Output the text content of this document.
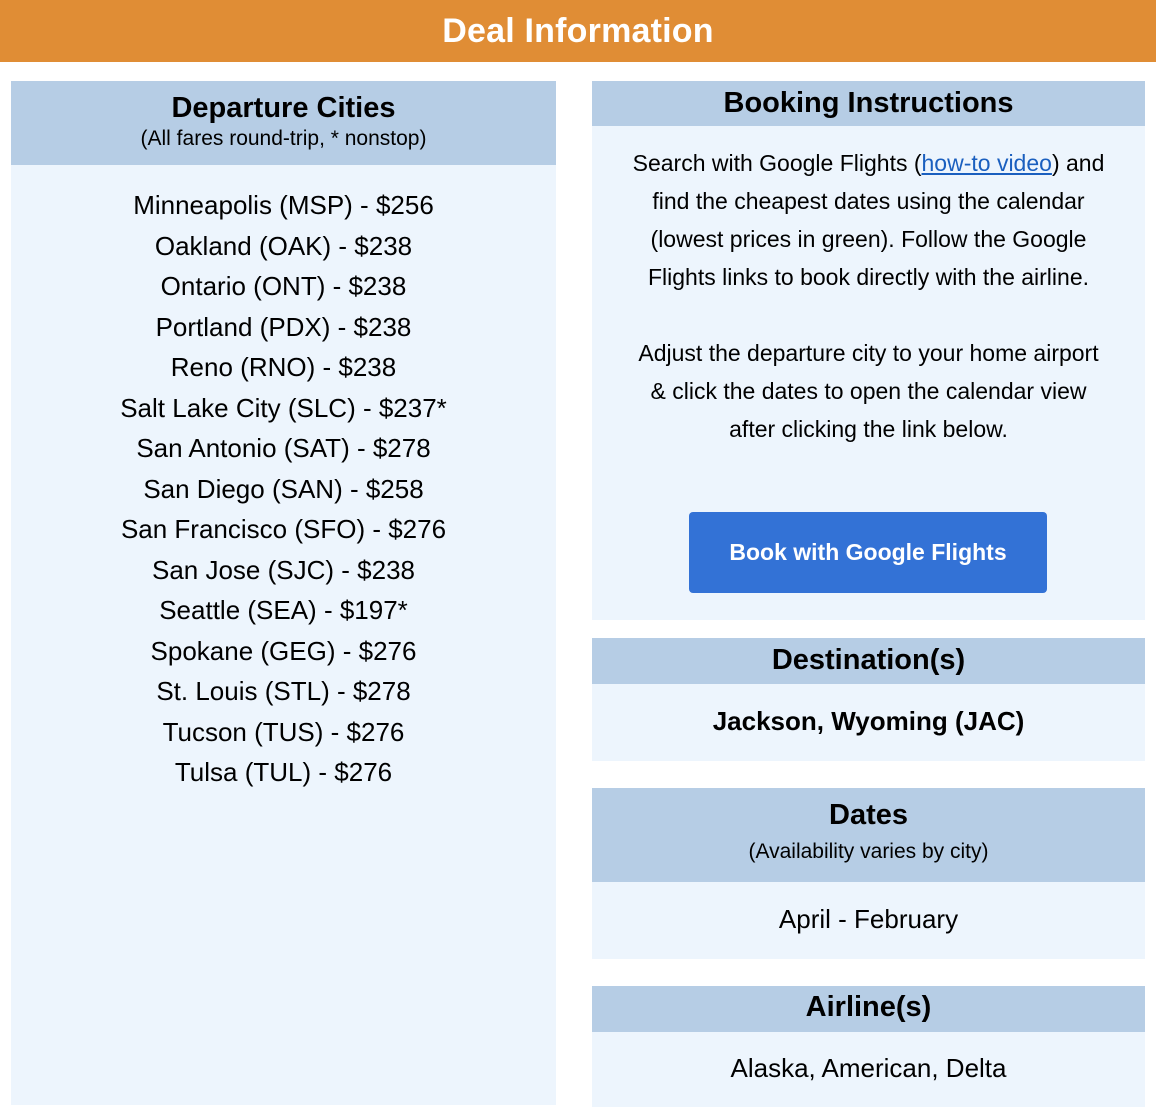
Deal Information
Departure Cities
(All fares round-trip, * nonstop)
Minneapolis (MSP) - $256
Oakland (OAK) - $238
Ontario (ONT) - $238
Portland (PDX) - $238
Reno (RNO) - $238
Salt Lake City (SLC) - $237*
San Antonio (SAT) - $278
San Diego (SAN) - $258
San Francisco (SFO) - $276
San Jose (SJC) - $238
Seattle (SEA) - $197*
Spokane (GEG) - $276
St. Louis (STL) - $278
Tucson (TUS) - $276
Tulsa (TUL) - $276
Booking Instructions

Search with Google Flights (how-to video) and find the cheapest dates using the calendar (lowest prices in green). Follow the Google Flights links to book directly with the airline.

Adjust the departure city to your home airport & click the dates to open the calendar view after clicking the link below.

Book with Google Flights
Destination(s)
Jackson, Wyoming (JAC)
Dates
(Availability varies by city)
April - February
Airline(s)
Alaska, American, Delta
